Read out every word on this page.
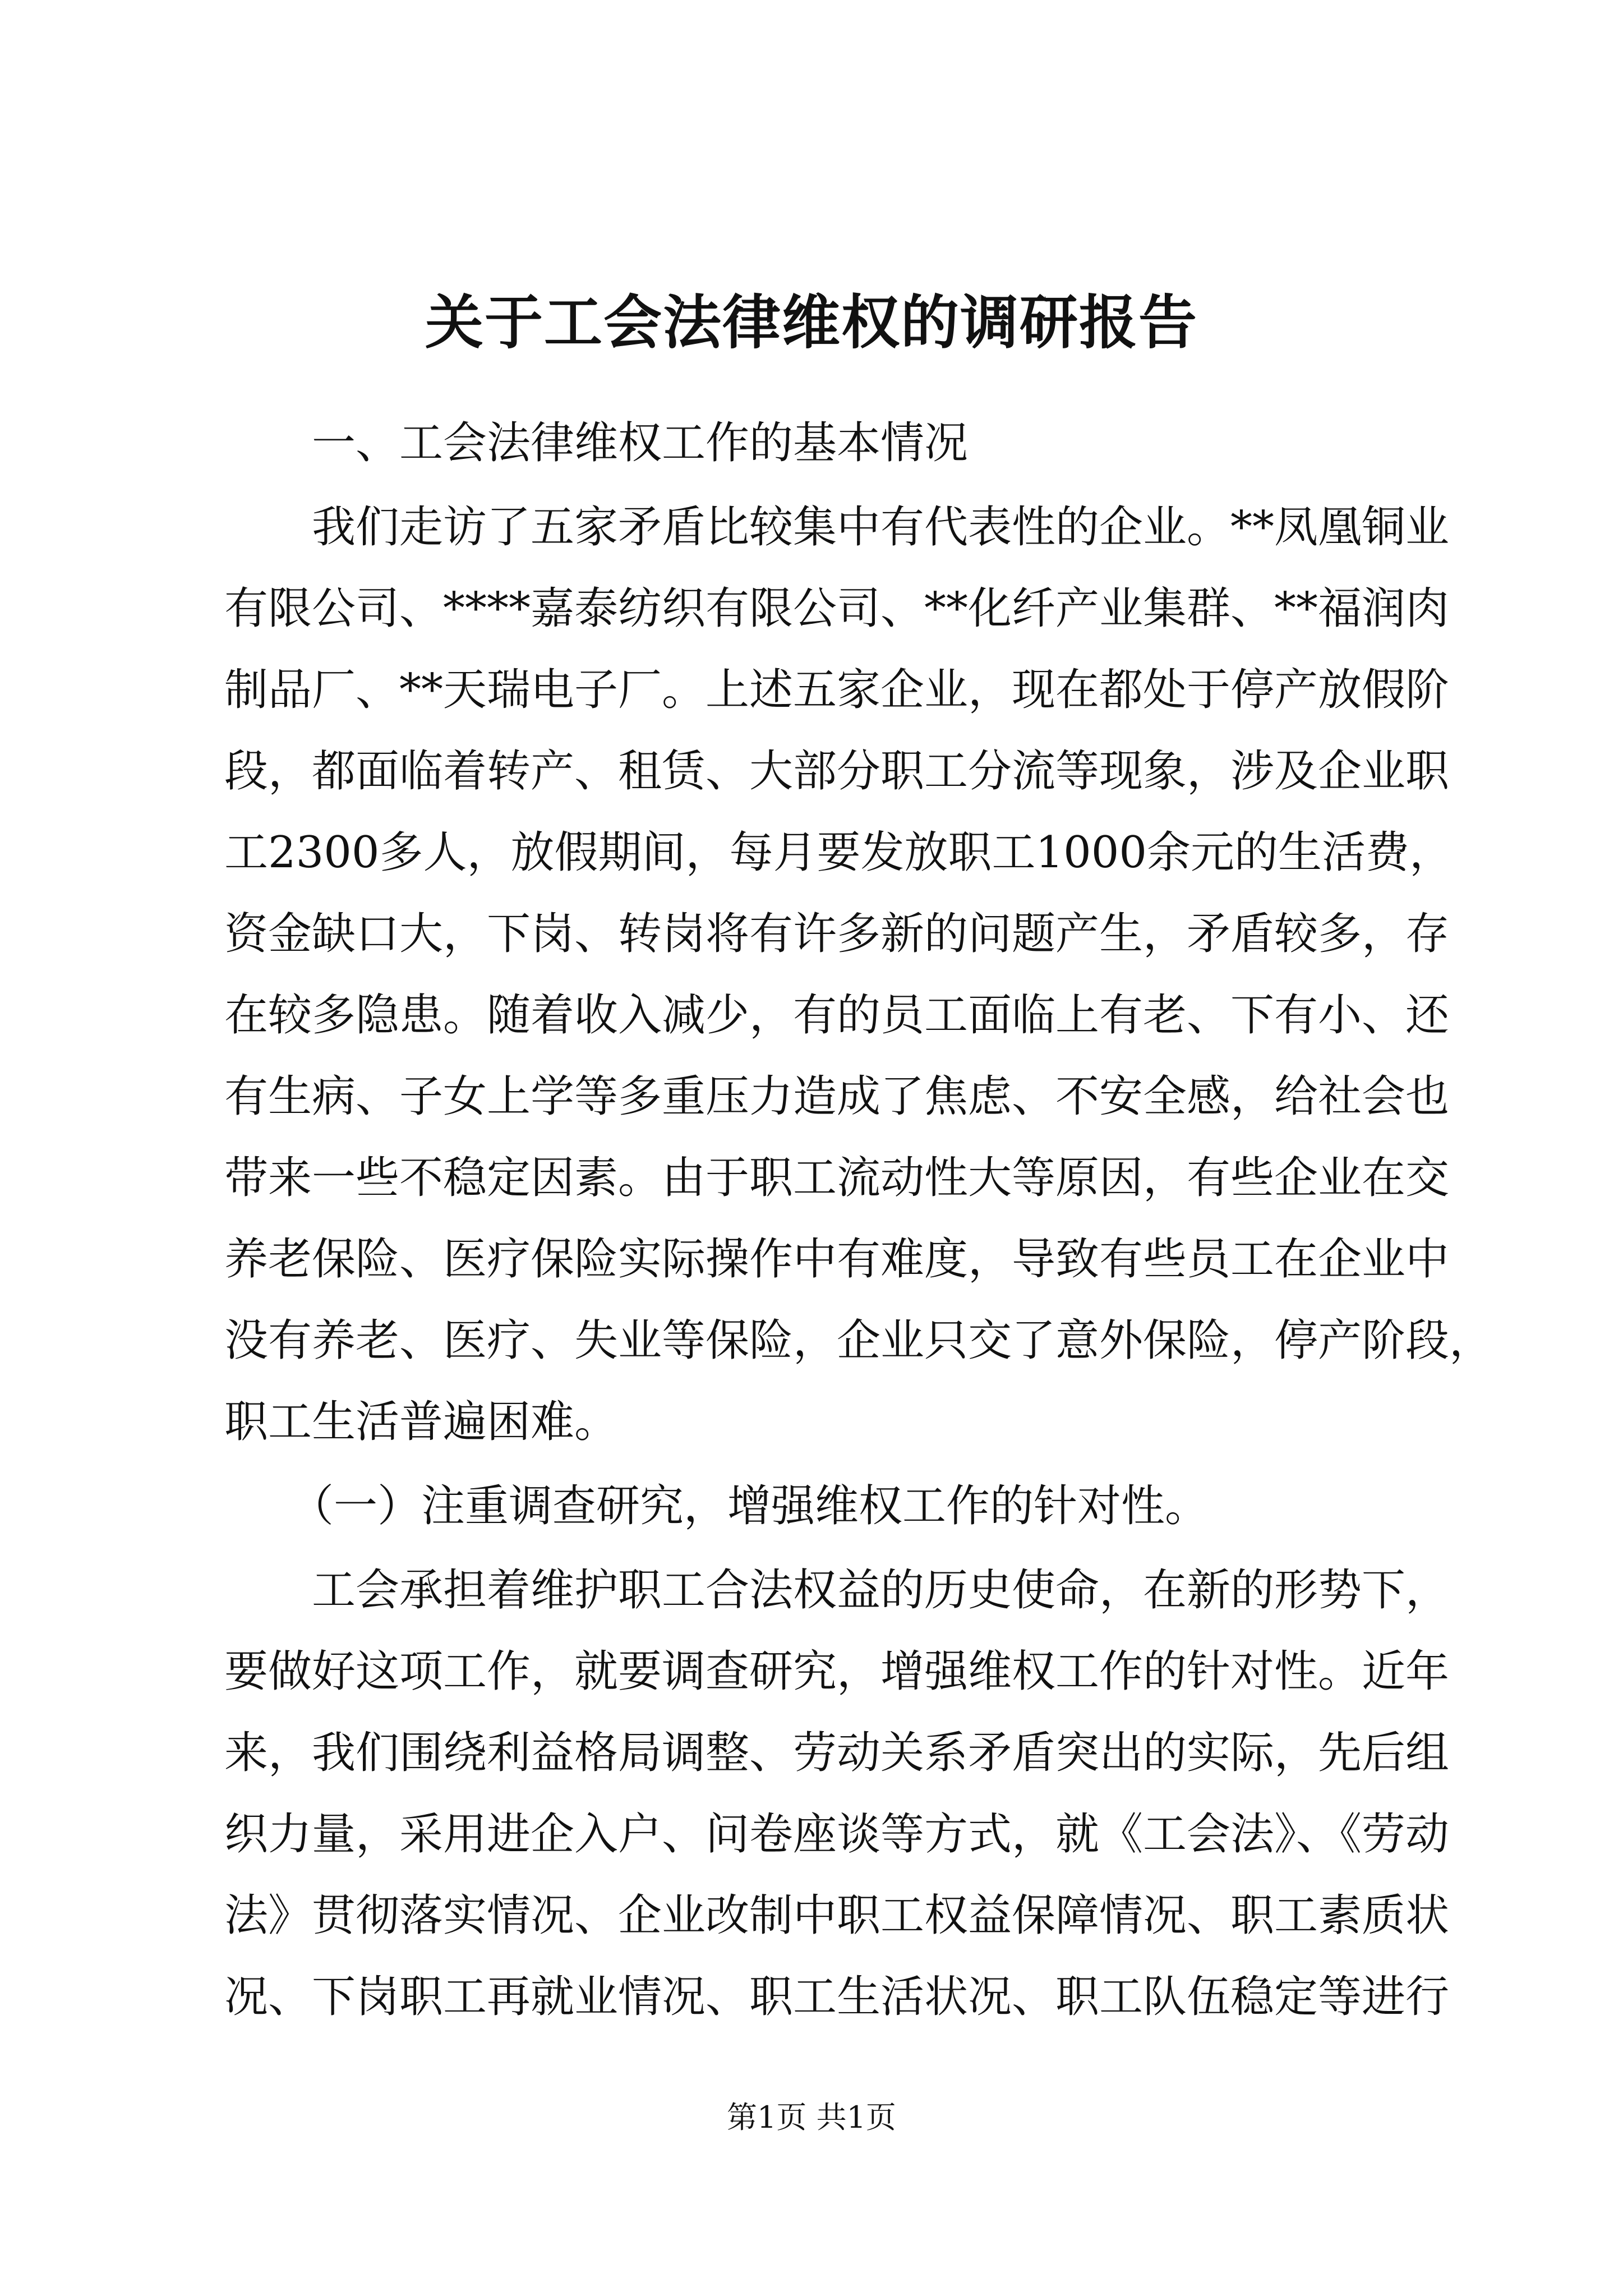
关于工会法律维权的调研报告
　　一、工会法律维权工作的基本情况
　　我们走访了五家矛盾比较集中有代表性的企业。**凤凰铜业
有限公司、****嘉泰纺织有限公司、**化纤产业集群、**福润肉
制品厂、**天瑞电子厂。上述五家企业，现在都处于停产放假阶
段，都面临着转产、租赁、大部分职工分流等现象，涉及企业职
工2300多人，放假期间，每月要发放职工1000余元的生活费，
资金缺口大，下岗、转岗将有许多新的问题产生，矛盾较多，存
在较多隐患。随着收入减少，有的员工面临上有老、下有小、还
有生病、子女上学等多重压力造成了焦虑、不安全感，给社会也
带来一些不稳定因素。由于职工流动性大等原因，有些企业在交
养老保险、医疗保险实际操作中有难度，导致有些员工在企业中
没有养老、医疗、失业等保险，企业只交了意外保险，停产阶段，
职工生活普遍困难。
　　（一）注重调查研究，增强维权工作的针对性。
　　工会承担着维护职工合法权益的历史使命，在新的形势下，
要做好这项工作，就要调查研究，增强维权工作的针对性。近年
来，我们围绕利益格局调整、劳动关系矛盾突出的实际，先后组
织力量，采用进企入户、问卷座谈等方式，就《工会法》、《劳动
法》贯彻落实情况、企业改制中职工权益保障情况、职工素质状
况、下岗职工再就业情况、职工生活状况、职工队伍稳定等进行
第1页 共1页
